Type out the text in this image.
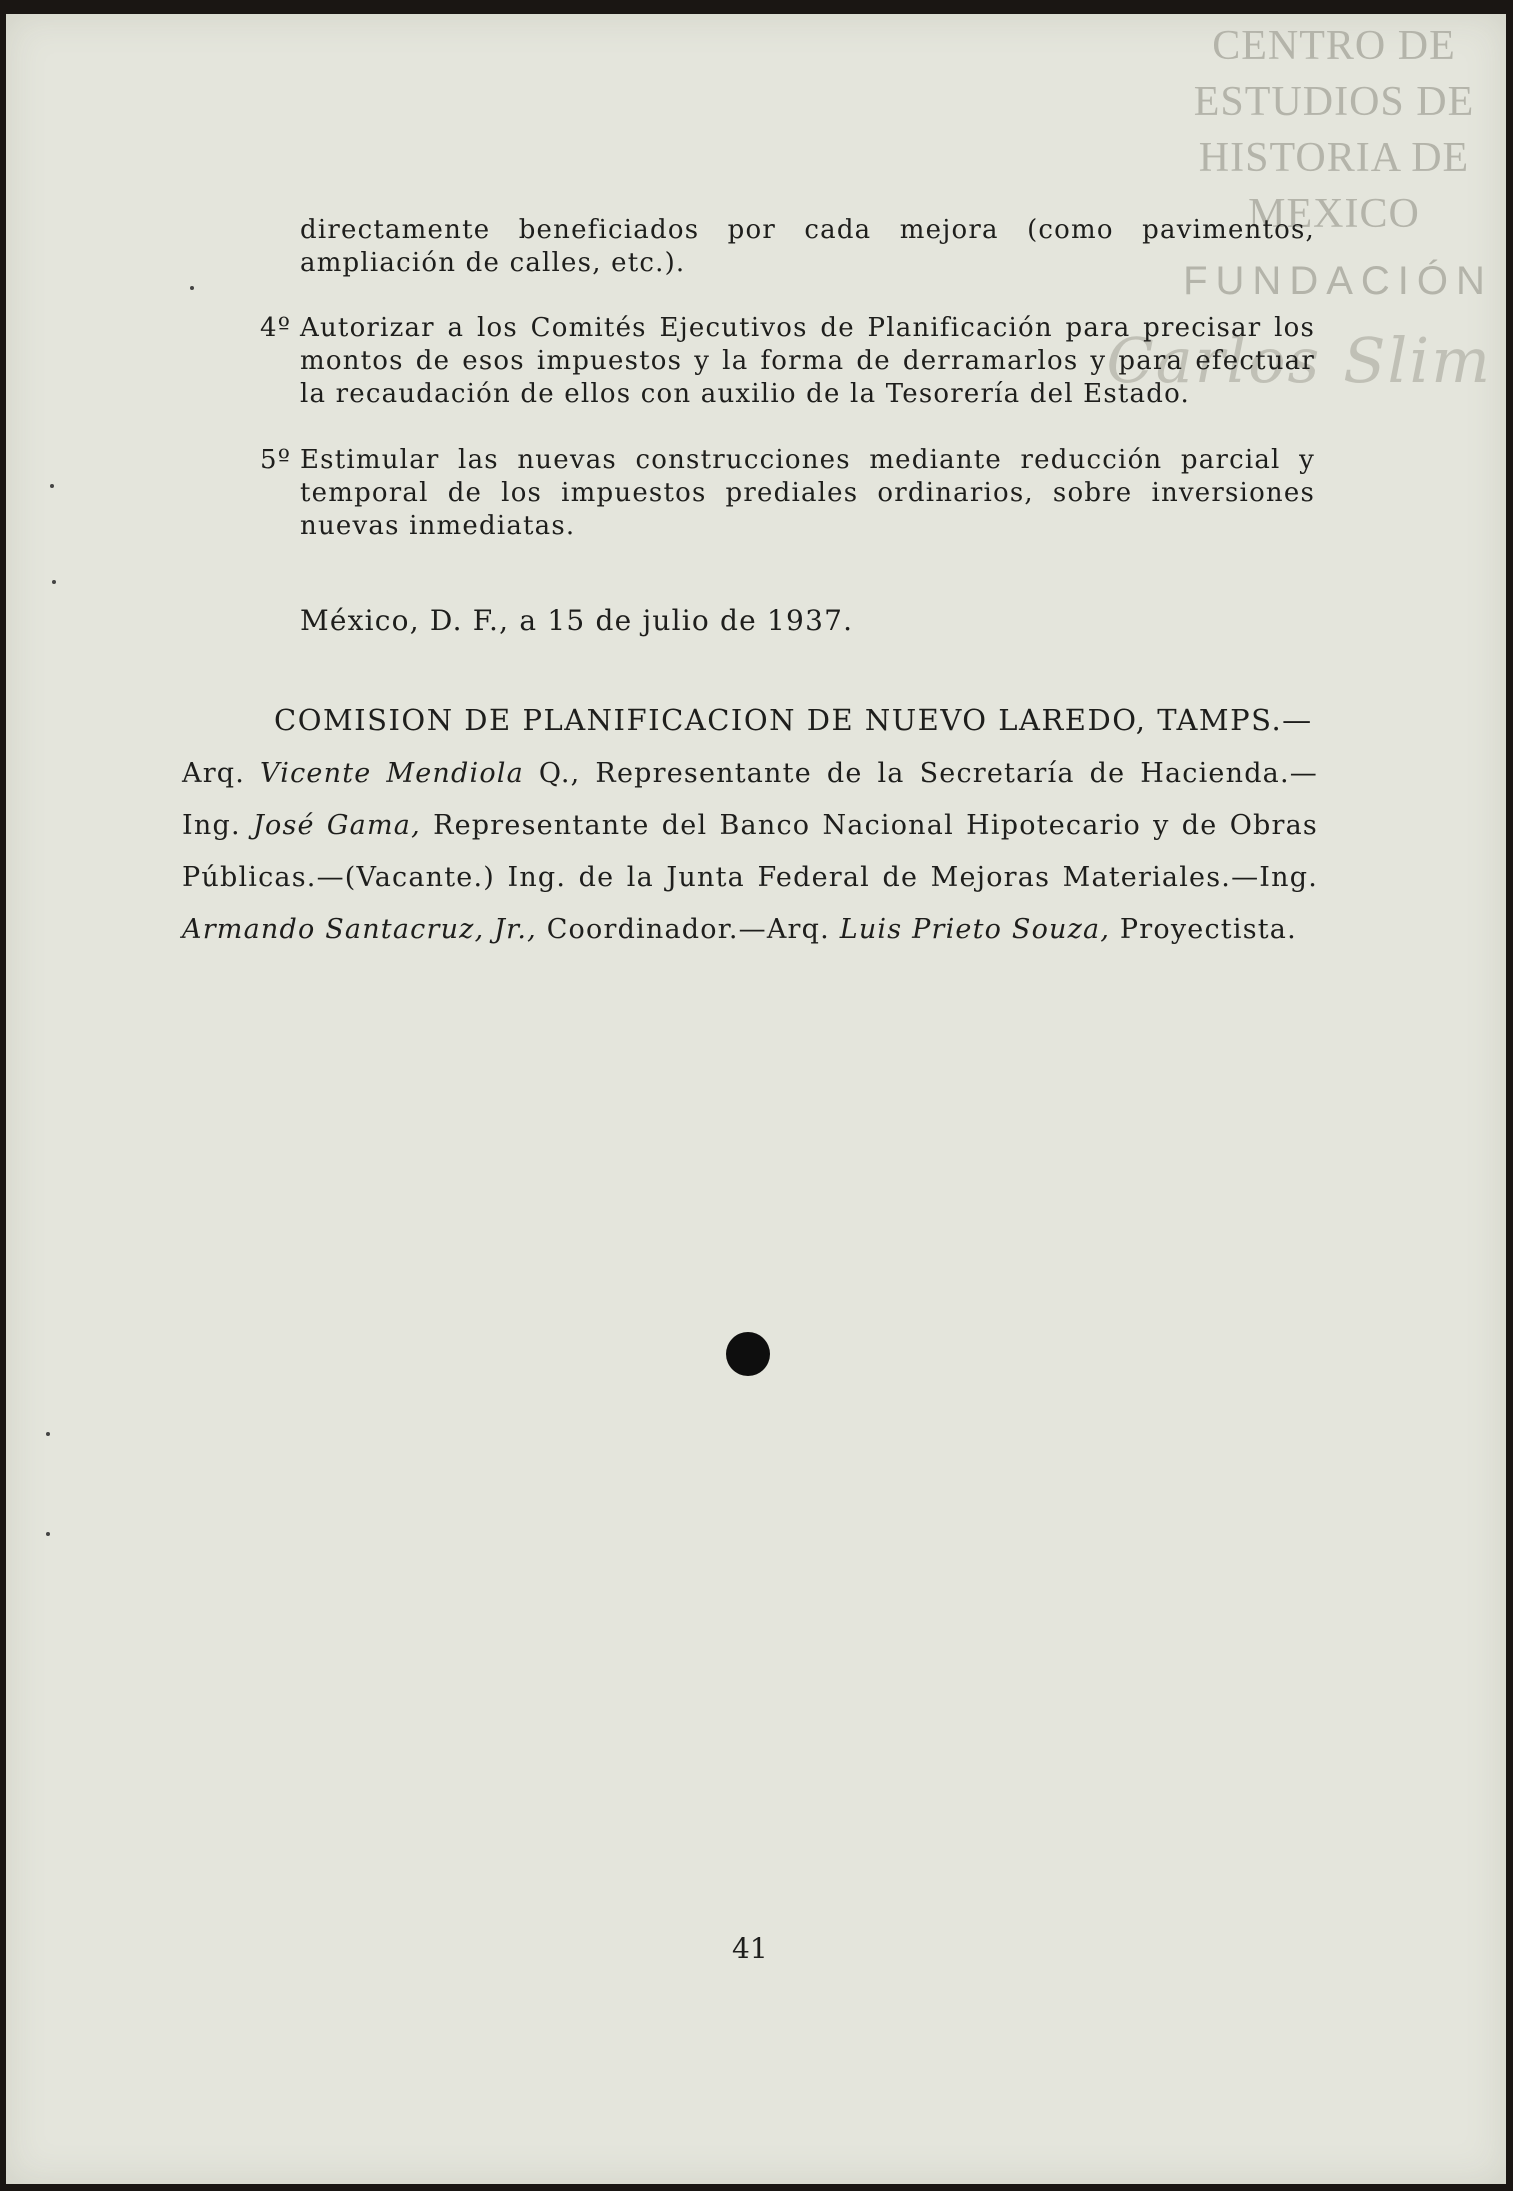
CENTRO DE ESTUDIOS DE HISTORIA DE MEXICO
FUNDACIÓN
Carlos Slim
directamente beneficiados por cada mejora (como pavimentos, ampliación de calles, etc.).
4º Autorizar a los Comités Ejecutivos de Planificación para precisar los montos de esos impuestos y la forma de derramarlos y para efectuar la recaudación de ellos con auxilio de la Tesorería del Estado.
5º Estimular las nuevas construcciones mediante reducción parcial y temporal de los impuestos prediales ordinarios, sobre inversiones nuevas inmediatas.
México, D. F., a 15 de julio de 1937.
COMISION DE PLANIFICACION DE NUEVO LAREDO, TAMPS.—
Arq. Vicente Mendiola Q., Representante de la Secretaría de Hacienda.—Ing. José Gama, Representante del Banco Nacional Hipotecario y de Obras Públicas.—(Vacante.) Ing. de la Junta Federal de Mejoras Materiales.—Ing. Armando Santacruz, Jr., Coordinador.—Arq. Luis Prieto Souza, Proyectista.
41
